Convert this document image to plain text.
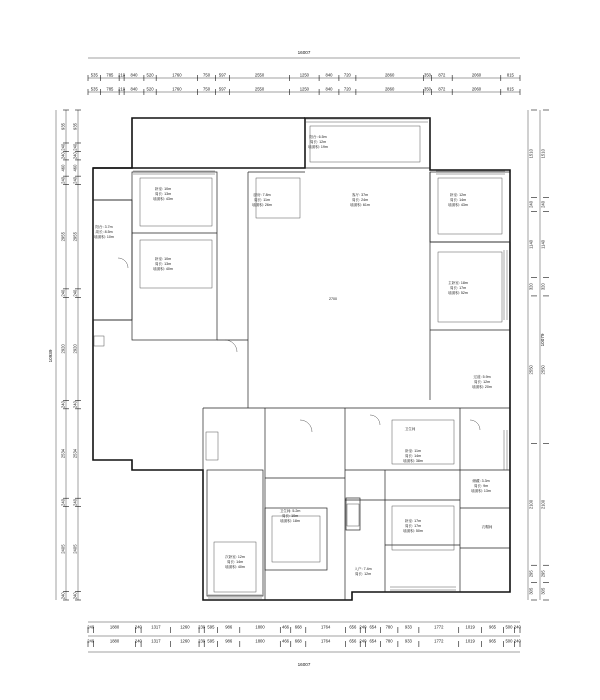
535 785 210 840 520	1760	750 597	2550	1250	840	720	2860	350 872	2060	815
535 785 210 840 520	1760	750 597	2550	1250	840	720	2860	350 872	2060	815
240	1880	240 1317	1260 230 595	986	1800	466 668	1764	656 240 654 780	933	1772	1019	965 500 240
240	1880	240 1317	1260 230 595	986	1800	466 668	1764	656 240 654 780	933	1772	1019	965 500 240
935
240
240
460
240
2955
240
2920
240
2534
240
2405
240
935
240
240
460
240
2955
240
2920
240
2534
240
2405
240
1510
240
1140
320
2550
2100
295
305
1510
240
1140
320
2550
2100
295
305
卧室: 10m
周长: 13m
墙面积: 43m
卧室: 10m
周长: 13m
墙面积: 40m
阳台: 3.7m
周长: 8.5m
墙面积: 10m
厨房: 7.8m
周长: 11m
墙面积: 26m
客厅: 37m
周长: 24m
墙面积: 61m
阳台: 6.5m
周长: 12m
墙面积: 19m
卧室: 12m
周长: 14m
墙面积: 43m
主卧室: 18m
周长: 17m
墙面积: 52m
过道: 5.9m
周长: 12m
墙面积: 20m
卫生间
卧室: 11m
周长: 14m
墙面积: 38m
卧室: 17m
周长: 17m
墙面积: 50m
储藏: 3.3m
周长: 9m
墙面积: 13m
衣帽间
卫生间: 5.2m
周长: 10m
墙面积: 18m
次卧室: 12m
周长: 14m
墙面积: 40m	入户: 7.4m
周长: 12m
2700
16007
16007
10939
10079
